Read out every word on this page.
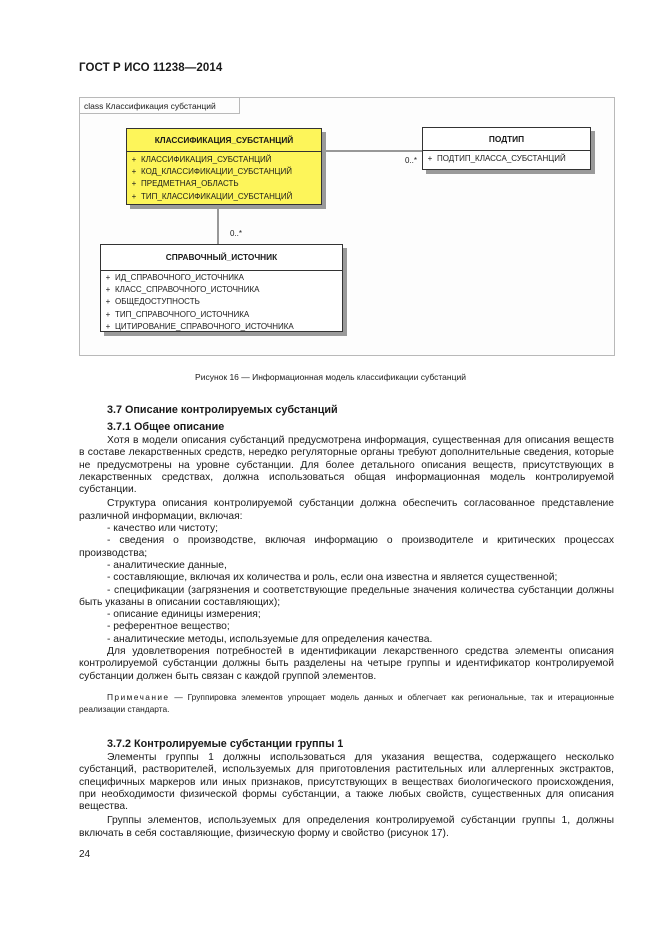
ГОСТ Р ИСО 11238—2014
class Классификация субстанций
КЛАССИФИКАЦИЯ_СУБСТАНЦИЙ
+ КЛАССИФИКАЦИЯ_СУБСТАНЦИЙ
+ КОД_КЛАССИФИКАЦИИ_СУБСТАНЦИЙ
+ ПРЕДМЕТНАЯ_ОБЛАСТЬ
+ ТИП_КЛАССИФИКАЦИИ_СУБСТАНЦИЙ
ПОДТИП
+ ПОДТИП_КЛАССА_СУБСТАНЦИЙ
СПРАВОЧНЫЙ_ИСТОЧНИК
+ ИД_СПРАВОЧНОГО_ИСТОЧНИКА
+ КЛАСС_СПРАВОЧНОГО_ИСТОЧНИКА
+ ОБЩЕДОСТУПНОСТЬ
+ ТИП_СПРАВОЧНОГО_ИСТОЧНИКА
+ ЦИТИРОВАНИЕ_СПРАВОЧНОГО_ИСТОЧНИКА
0..*
0..*
Рисунок 16 — Информационная модель классификации субстанций
3.7 Описание контролируемых субстанций
3.7.1 Общее описание
Хотя в модели описания субстанций предусмотрена информация, существенная для описания веществ в составе лекарственных средств, нередко регуляторные органы требуют дополнительные сведения, которые не предусмотрены на уровне субстанции. Для более детального описания веществ, присутствующих в лекарственных средствах, должна использоваться общая информационная модель контролируемой субстанции.
Структура описания контролируемой субстанции должна обеспечить согласованное представление различной информации, включая:
- качество или чистоту;
- сведения о производстве, включая информацию о производителе и критических процессах производства;
- аналитические данные,
- составляющие, включая их количества и роль, если она известна и является существенной;
- спецификации (загрязнения и соответствующие предельные значения количества субстанции должны быть указаны в описании составляющих);
- описание единицы измерения;
- референтное вещество;
- аналитические методы, используемые для определения качества.
Для удовлетворения потребностей в идентификации лекарственного средства элементы описания контролируемой субстанции должны быть разделены на четыре группы и идентификатор контролируемой субстанции должен быть связан с каждой группой элементов.
Примечание — Группировка элементов упрощает модель данных и облегчает как региональные, так и итерационные реализации стандарта.
3.7.2 Контролируемые субстанции группы 1
Элементы группы 1 должны использоваться для указания вещества, содержащего несколько субстанций, растворителей, используемых для приготовления растительных или аллергенных экстрактов, специфичных маркеров или иных признаков, присутствующих в веществах биологического происхождения, при необходимости физической формы субстанции, а также любых свойств, существенных для описания вещества.
Группы элементов, используемых для определения контролируемой субстанции группы 1, должны включать в себя составляющие, физическую форму и свойство (рисунок 17).
24
